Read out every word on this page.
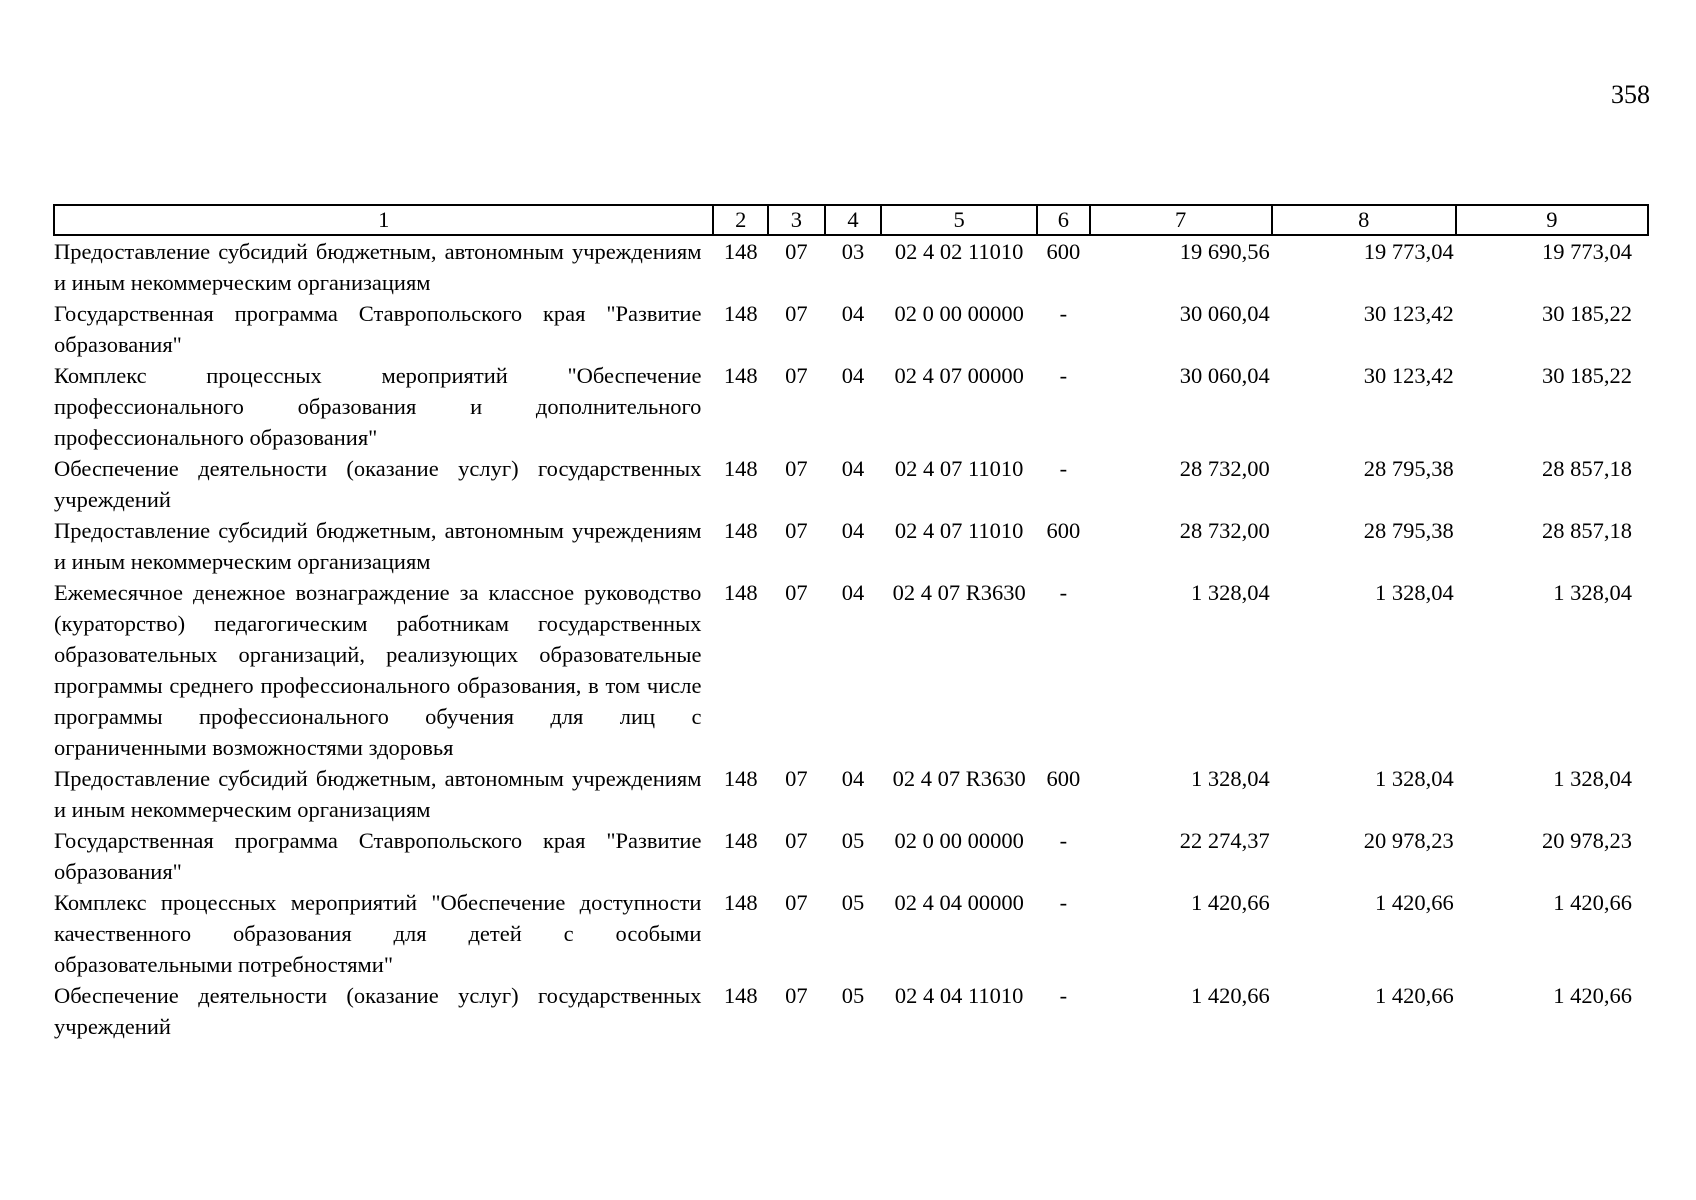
358
1	2	3	4	5	6	7	8	9
Предоставление субсидий бюджетным, автономным учреждениям и иным некоммерческим организациям	148	07	03	02 4 02 11010	600	19 690,56	19 773,04	19 773,04
Государственная программа Ставропольского края "Развитие образования"	148	07	04	02 0 00 00000	-	30 060,04	30 123,42	30 185,22
Комплекс процессных мероприятий "Обеспечение профессионального образования и дополнительного профессионального образования"	148	07	04	02 4 07 00000	-	30 060,04	30 123,42	30 185,22
Обеспечение деятельности (оказание услуг) государственных учреждений	148	07	04	02 4 07 11010	-	28 732,00	28 795,38	28 857,18
Предоставление субсидий бюджетным, автономным учреждениям и иным некоммерческим организациям	148	07	04	02 4 07 11010	600	28 732,00	28 795,38	28 857,18
Ежемесячное денежное вознаграждение за классное руководство (кураторство) педагогическим работникам государственных образовательных организаций, реализующих образовательные программы среднего профессионального образования, в том числе программы профессионального обучения для лиц с ограниченными возможностями здоровья	148	07	04	02 4 07 R3630	-	1 328,04	1 328,04	1 328,04
Предоставление субсидий бюджетным, автономным учреждениям и иным некоммерческим организациям	148	07	04	02 4 07 R3630	600	1 328,04	1 328,04	1 328,04
Государственная программа Ставропольского края "Развитие образования"	148	07	05	02 0 00 00000	-	22 274,37	20 978,23	20 978,23
Комплекс процессных мероприятий "Обеспечение доступности качественного образования для детей с особыми образовательными потребностями"	148	07	05	02 4 04 00000	-	1 420,66	1 420,66	1 420,66
Обеспечение деятельности (оказание услуг) государственных учреждений	148	07	05	02 4 04 11010	-	1 420,66	1 420,66	1 420,66
